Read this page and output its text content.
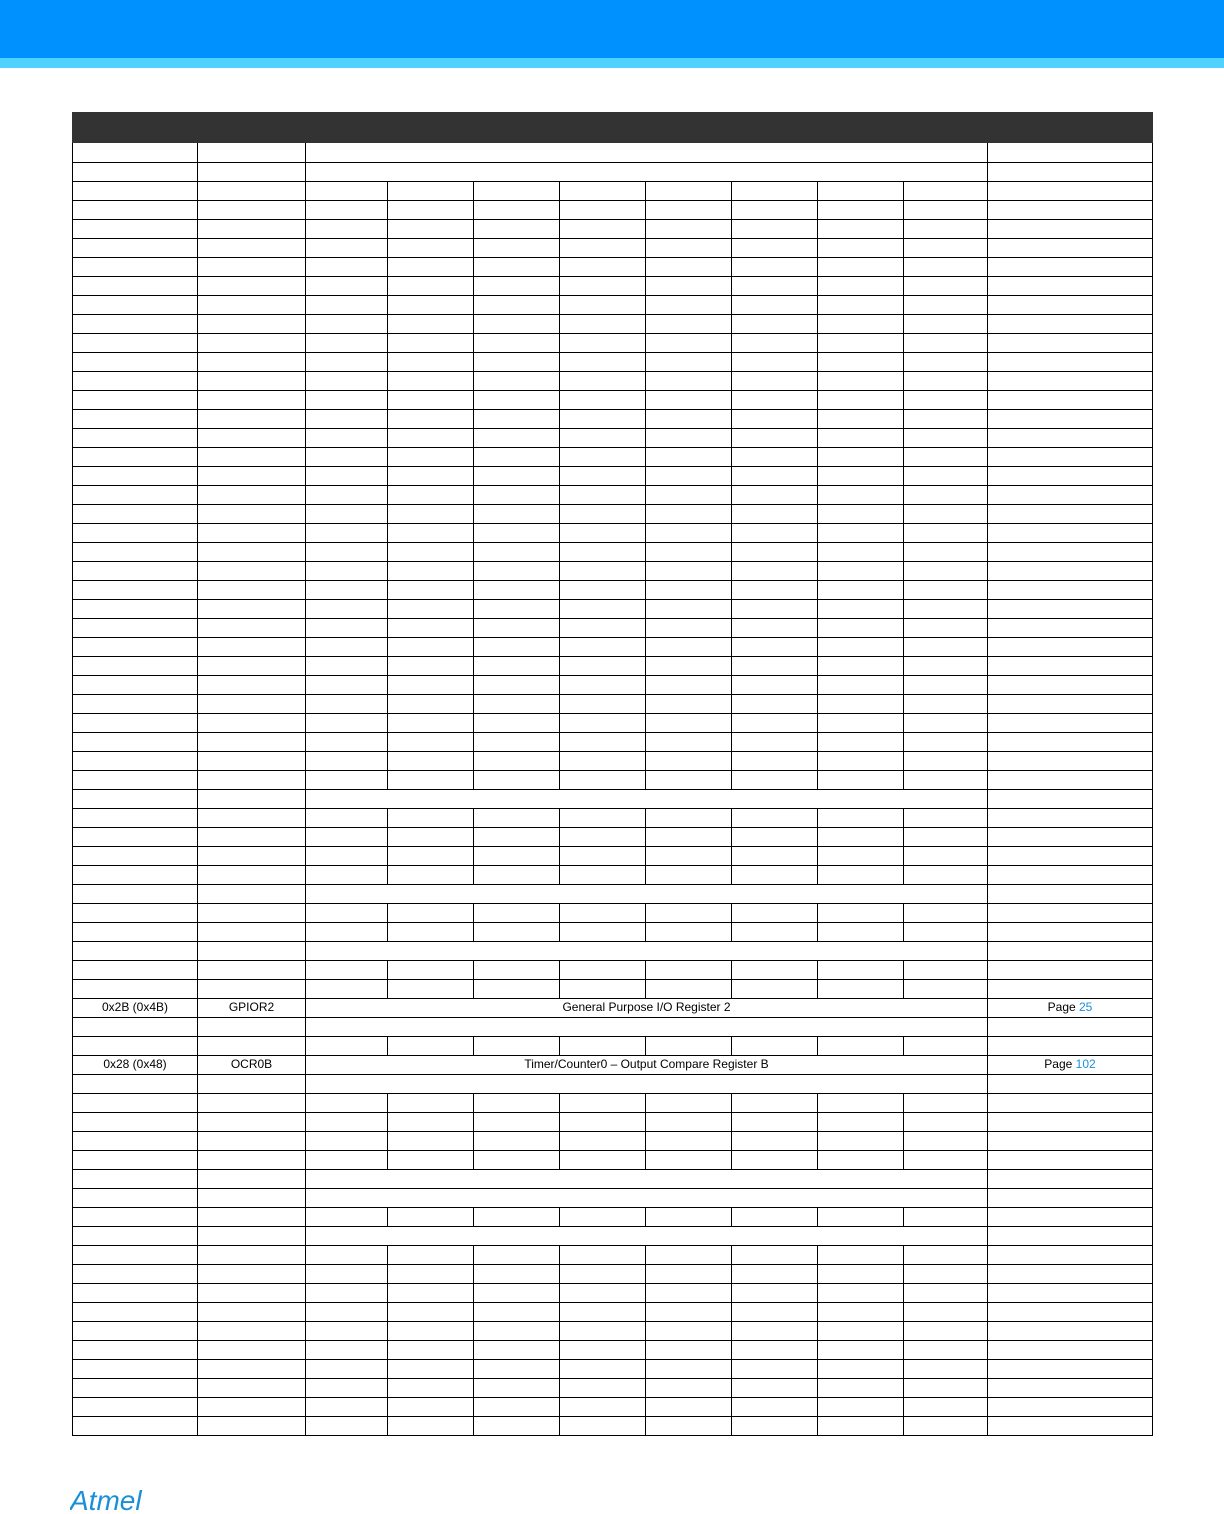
0x2B (0x4B)	GPIOR2	General Purpose I/O Register 2	Page 25
0x28 (0x48)	OCR0B	Timer/Counter0 – Output Compare Register B	Page 102
Atmel
